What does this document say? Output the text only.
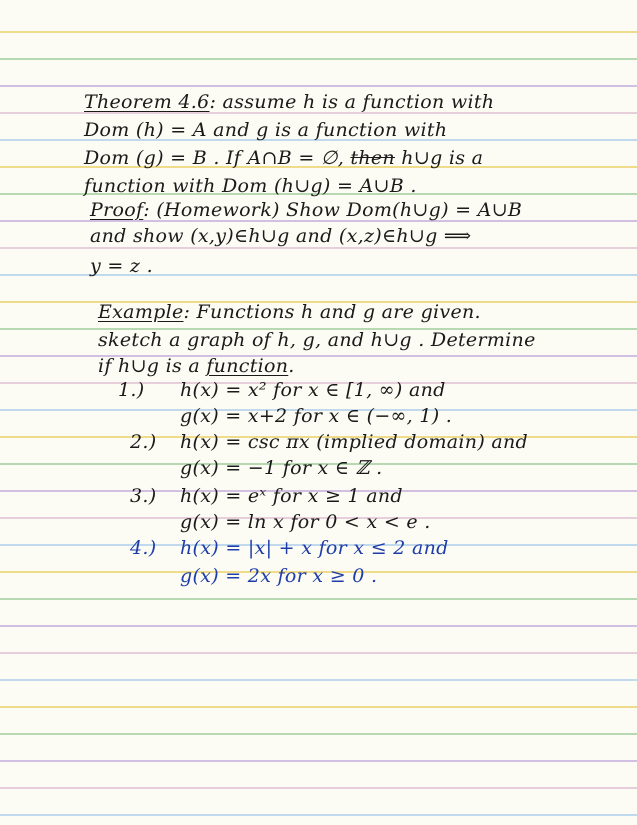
Theorem 4.6: assume h is a function with
Dom (h) = A and g is a function with
Dom (g) = B . If A∩B = ∅, then h∪g is a
function with Dom (h∪g) = A∪B .
Proof: (Homework) Show Dom(h∪g) = A∪B
and show (x,y)∈h∪g and (x,z)∈h∪g ⟹
y = z .
Example: Functions h and g are given.
sketch a graph of h, g, and h∪g . Determine
if h∪g is a function.
1.) h(x) = x² for x ∈ [1, ∞) and
g(x) = x+2 for x ∈ (−∞, 1) .
2.) h(x) = csc πx (implied domain) and
g(x) = −1 for x ∈ ℤ .
3.) h(x) = eˣ for x ≥ 1 and
g(x) = ln x for 0 < x < e .
4.) h(x) = |x| + x for x ≤ 2 and
g(x) = 2x for x ≥ 0 .
